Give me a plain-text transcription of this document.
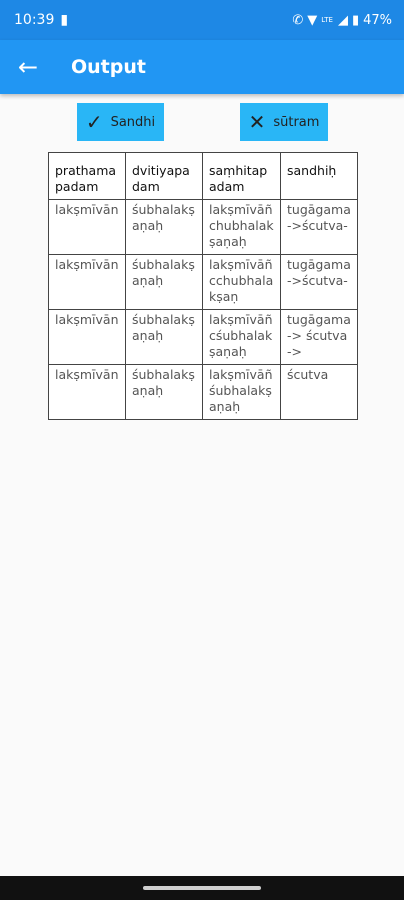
10:39 ▮	✆ ▼ LTE ◢ ▮ 47%
← Output
✓ Sandhi	✕ sūtram
prathamapadam	dvitiyapadam	saṃhitapadam	sandhiḥ
lakṣmīvān	śubhalakṣaṇaḥ	lakṣmīvāñchubhalakṣaṇaḥ	tugāgama->ścutva-
lakṣmīvān	śubhalakṣaṇaḥ	lakṣmīvāñcchubhalakṣaṇ	tugāgama->ścutva-
lakṣmīvān	śubhalakṣaṇaḥ	lakṣmīvāñcśubhalakṣaṇaḥ	tugāgama -> ścutva->
lakṣmīvān	śubhalakṣaṇaḥ	lakṣmīvāñśubhalakṣaṇaḥ	ścutva
